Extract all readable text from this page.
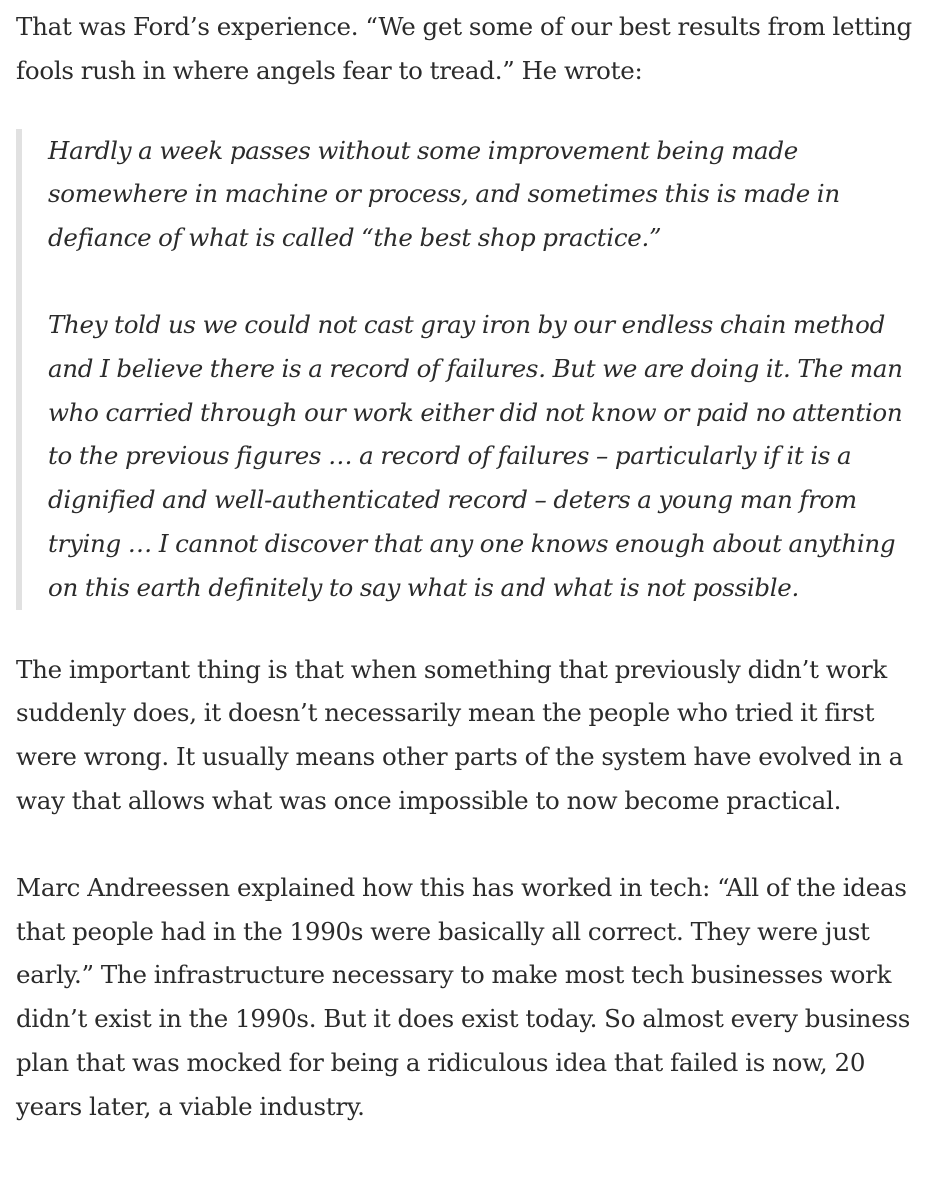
That was Ford’s experience. “We get some of our best results from letting fools rush in where angels fear to tread.” He wrote:

Hardly a week passes without some improvement being made somewhere in machine or process, and sometimes this is made in defiance of what is called “the best shop practice.”

They told us we could not cast gray iron by our endless chain method and I believe there is a record of failures. But we are doing it. The man who carried through our work either did not know or paid no attention to the previous figures … a record of failures – particularly if it is a dignified and well-authenticated record – deters a young man from trying … I cannot discover that any one knows enough about anything on this earth definitely to say what is and what is not possible.

The important thing is that when something that previously didn’t work suddenly does, it doesn’t necessarily mean the people who tried it first were wrong. It usually means other parts of the system have evolved in a way that allows what was once impossible to now become practical.

Marc Andreessen explained how this has worked in tech: “All of the ideas that people had in the 1990s were basically all correct. They were just early.” The infrastructure necessary to make most tech businesses work didn’t exist in the 1990s. But it does exist today. So almost every business plan that was mocked for being a ridiculous idea that failed is now, 20 years later, a viable industry.
